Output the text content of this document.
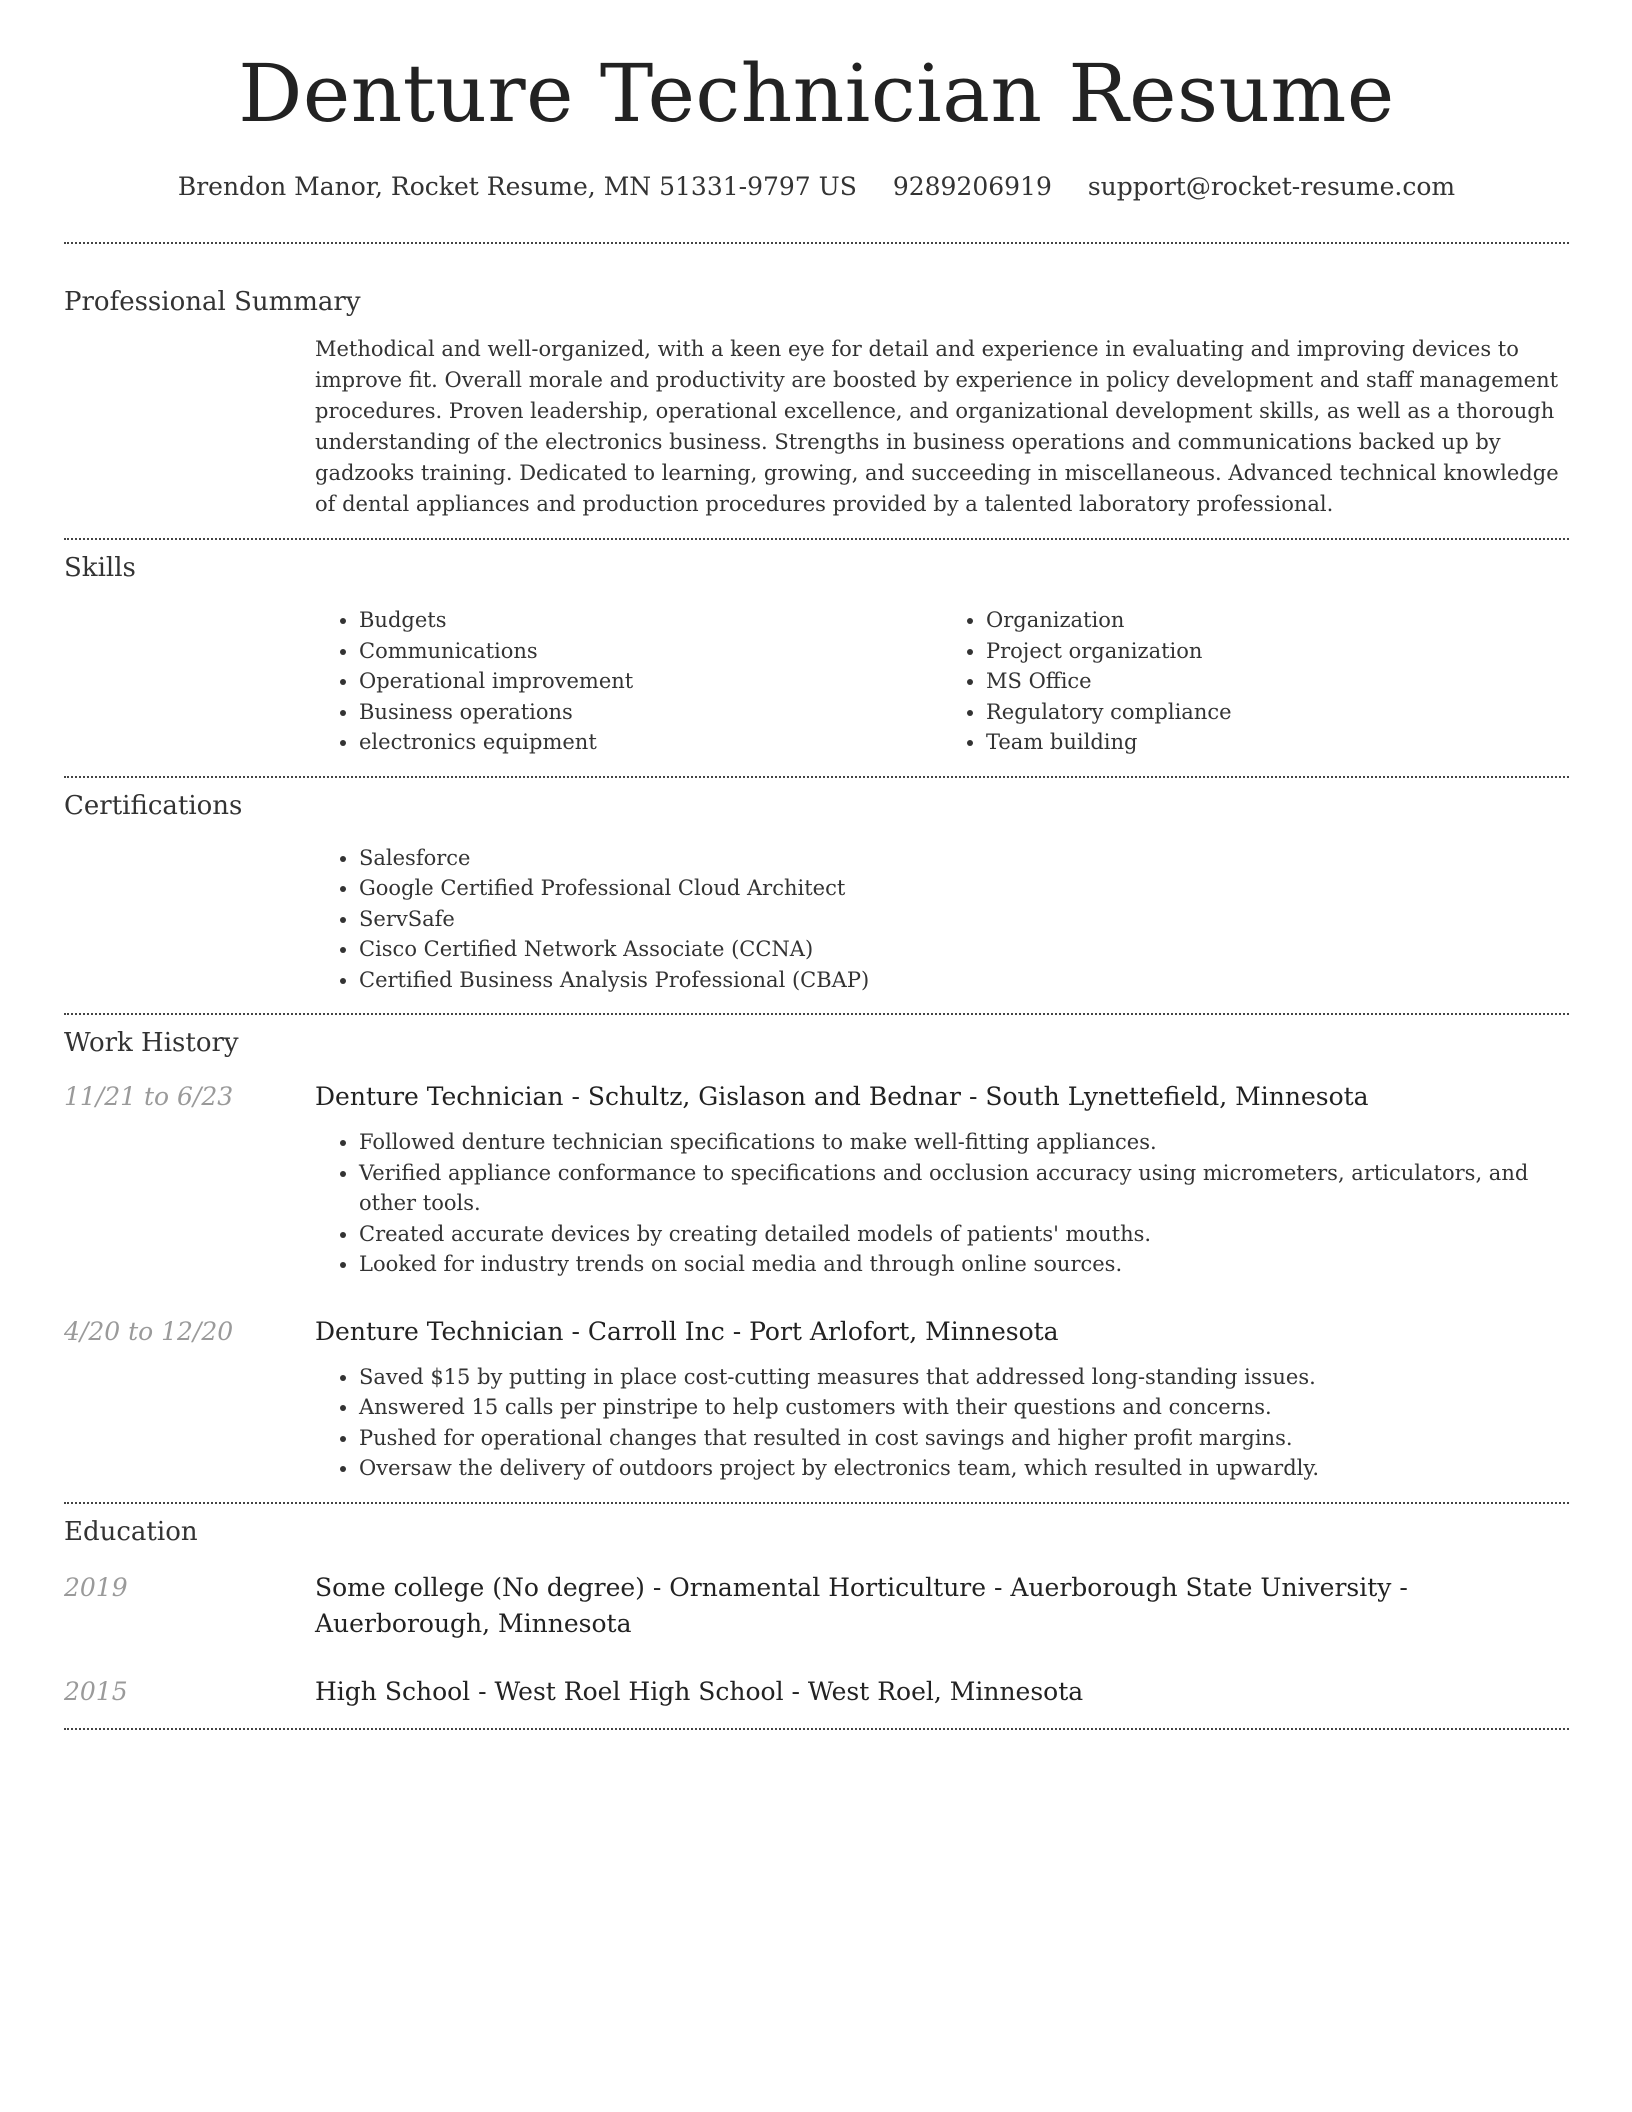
Denture Technician Resume
Brendon Manor, Rocket Resume, MN 51331-9797 US 9289206919 support@rocket-resume.com
Professional Summary
Methodical and well-organized, with a keen eye for detail and experience in evaluating and improving devices to improve fit. Overall morale and productivity are boosted by experience in policy development and staff management procedures. Proven leadership, operational excellence, and organizational development skills, as well as a thorough understanding of the electronics business. Strengths in business operations and communications backed up by gadzooks training. Dedicated to learning, growing, and succeeding in miscellaneous. Advanced technical knowledge of dental appliances and production procedures provided by a talented laboratory professional.
Skills
• Budgets
• Communications
• Operational improvement
• Business operations
• electronics equipment
• Organization
• Project organization
• MS Office
• Regulatory compliance
• Team building
Certifications
• Salesforce
• Google Certified Professional Cloud Architect
• ServSafe
• Cisco Certified Network Associate (CCNA)
• Certified Business Analysis Professional (CBAP)
Work History
11/21 to 6/23	Denture Technician - Schultz, Gislason and Bednar - South Lynettefield, Minnesota
• Followed denture technician specifications to make well-fitting appliances.
• Verified appliance conformance to specifications and occlusion accuracy using micrometers, articulators, and other tools.
• Created accurate devices by creating detailed models of patients' mouths.
• Looked for industry trends on social media and through online sources.
4/20 to 12/20	Denture Technician - Carroll Inc - Port Arlofort, Minnesota
• Saved $15 by putting in place cost-cutting measures that addressed long-standing issues.
• Answered 15 calls per pinstripe to help customers with their questions and concerns.
• Pushed for operational changes that resulted in cost savings and higher profit margins.
• Oversaw the delivery of outdoors project by electronics team, which resulted in upwardly.
Education
2019	Some college (No degree) - Ornamental Horticulture - Auerborough State University - Auerborough, Minnesota
2015	High School - West Roel High School - West Roel, Minnesota
